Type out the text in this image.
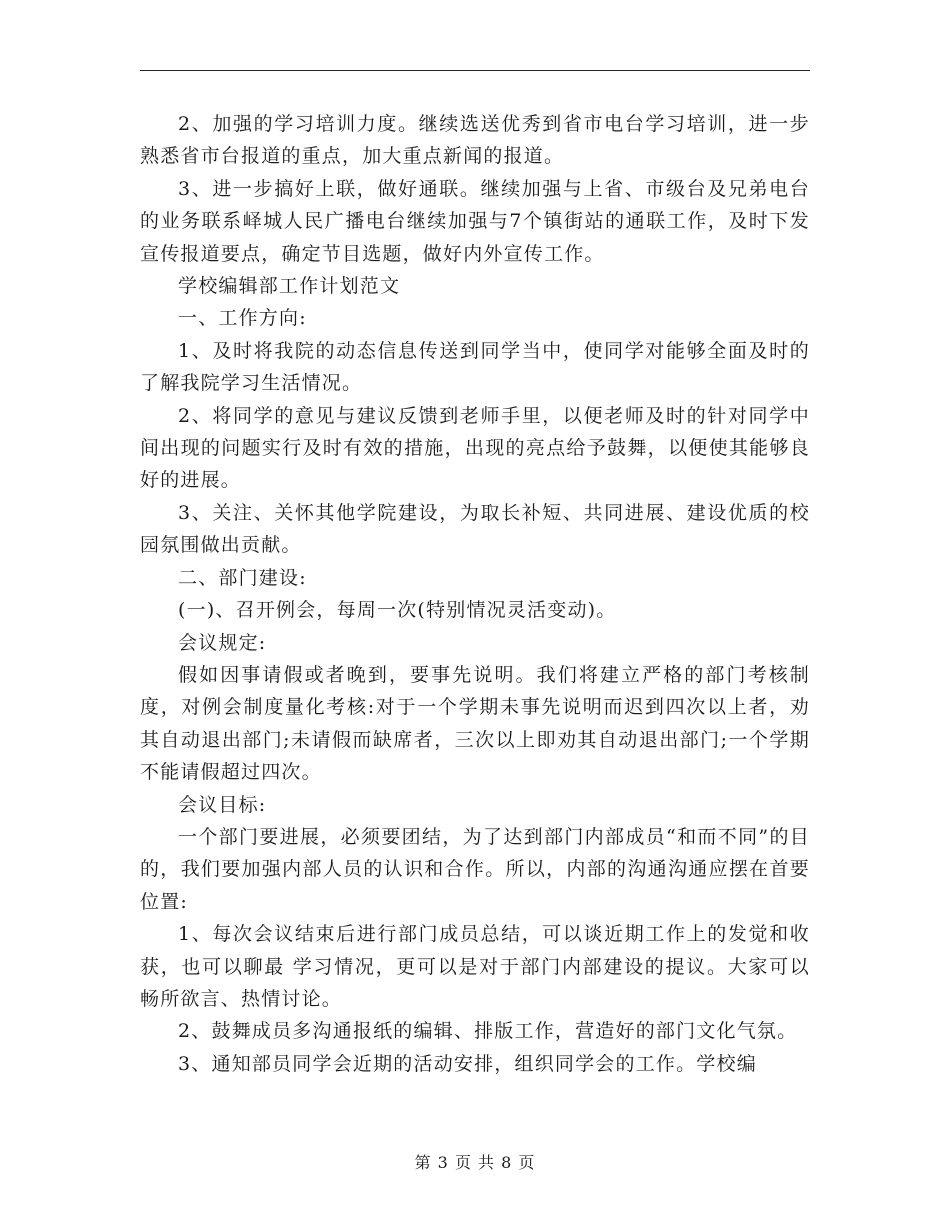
2、加强的学习培训力度。继续选送优秀到省市电台学习培训，进一步熟悉省市台报道的重点，加大重点新闻的报道。

3、进一步搞好上联，做好通联。继续加强与上省、市级台及兄弟电台的业务联系峄城人民广播电台继续加强与7个镇街站的通联工作，及时下发宣传报道要点，确定节目选题，做好内外宣传工作。

学校编辑部工作计划范文

一、工作方向:

1、及时将我院的动态信息传送到同学当中，使同学对能够全面及时的了解我院学习生活情况。

2、将同学的意见与建议反馈到老师手里，以便老师及时的针对同学中间出现的问题实行及时有效的措施，出现的亮点给予鼓舞，以便使其能够良好的进展。

3、关注、关怀其他学院建设，为取长补短、共同进展、建设优质的校园氛围做出贡献。

二、部门建设:

(一)、召开例会，每周一次(特别情况灵活变动)。

会议规定:

假如因事请假或者晚到，要事先说明。我们将建立严格的部门考核制度，对例会制度量化考核:对于一个学期未事先说明而迟到四次以上者，劝其自动退出部门;未请假而缺席者，三次以上即劝其自动退出部门;一个学期不能请假超过四次。

会议目标:

一个部门要进展，必须要团结，为了达到部门内部成员“和而不同”的目的，我们要加强内部人员的认识和合作。所以，内部的沟通沟通应摆在首要位置:

1、每次会议结束后进行部门成员总结，可以谈近期工作上的发觉和收获，也可以聊最 学习情况，更可以是对于部门内部建设的提议。大家可以畅所欲言、热情讨论。

2、鼓舞成员多沟通报纸的编辑、排版工作，营造好的部门文化气氛。

3、通知部员同学会近期的活动安排，组织同学会的工作。学校编

第 3 页 共 8 页
